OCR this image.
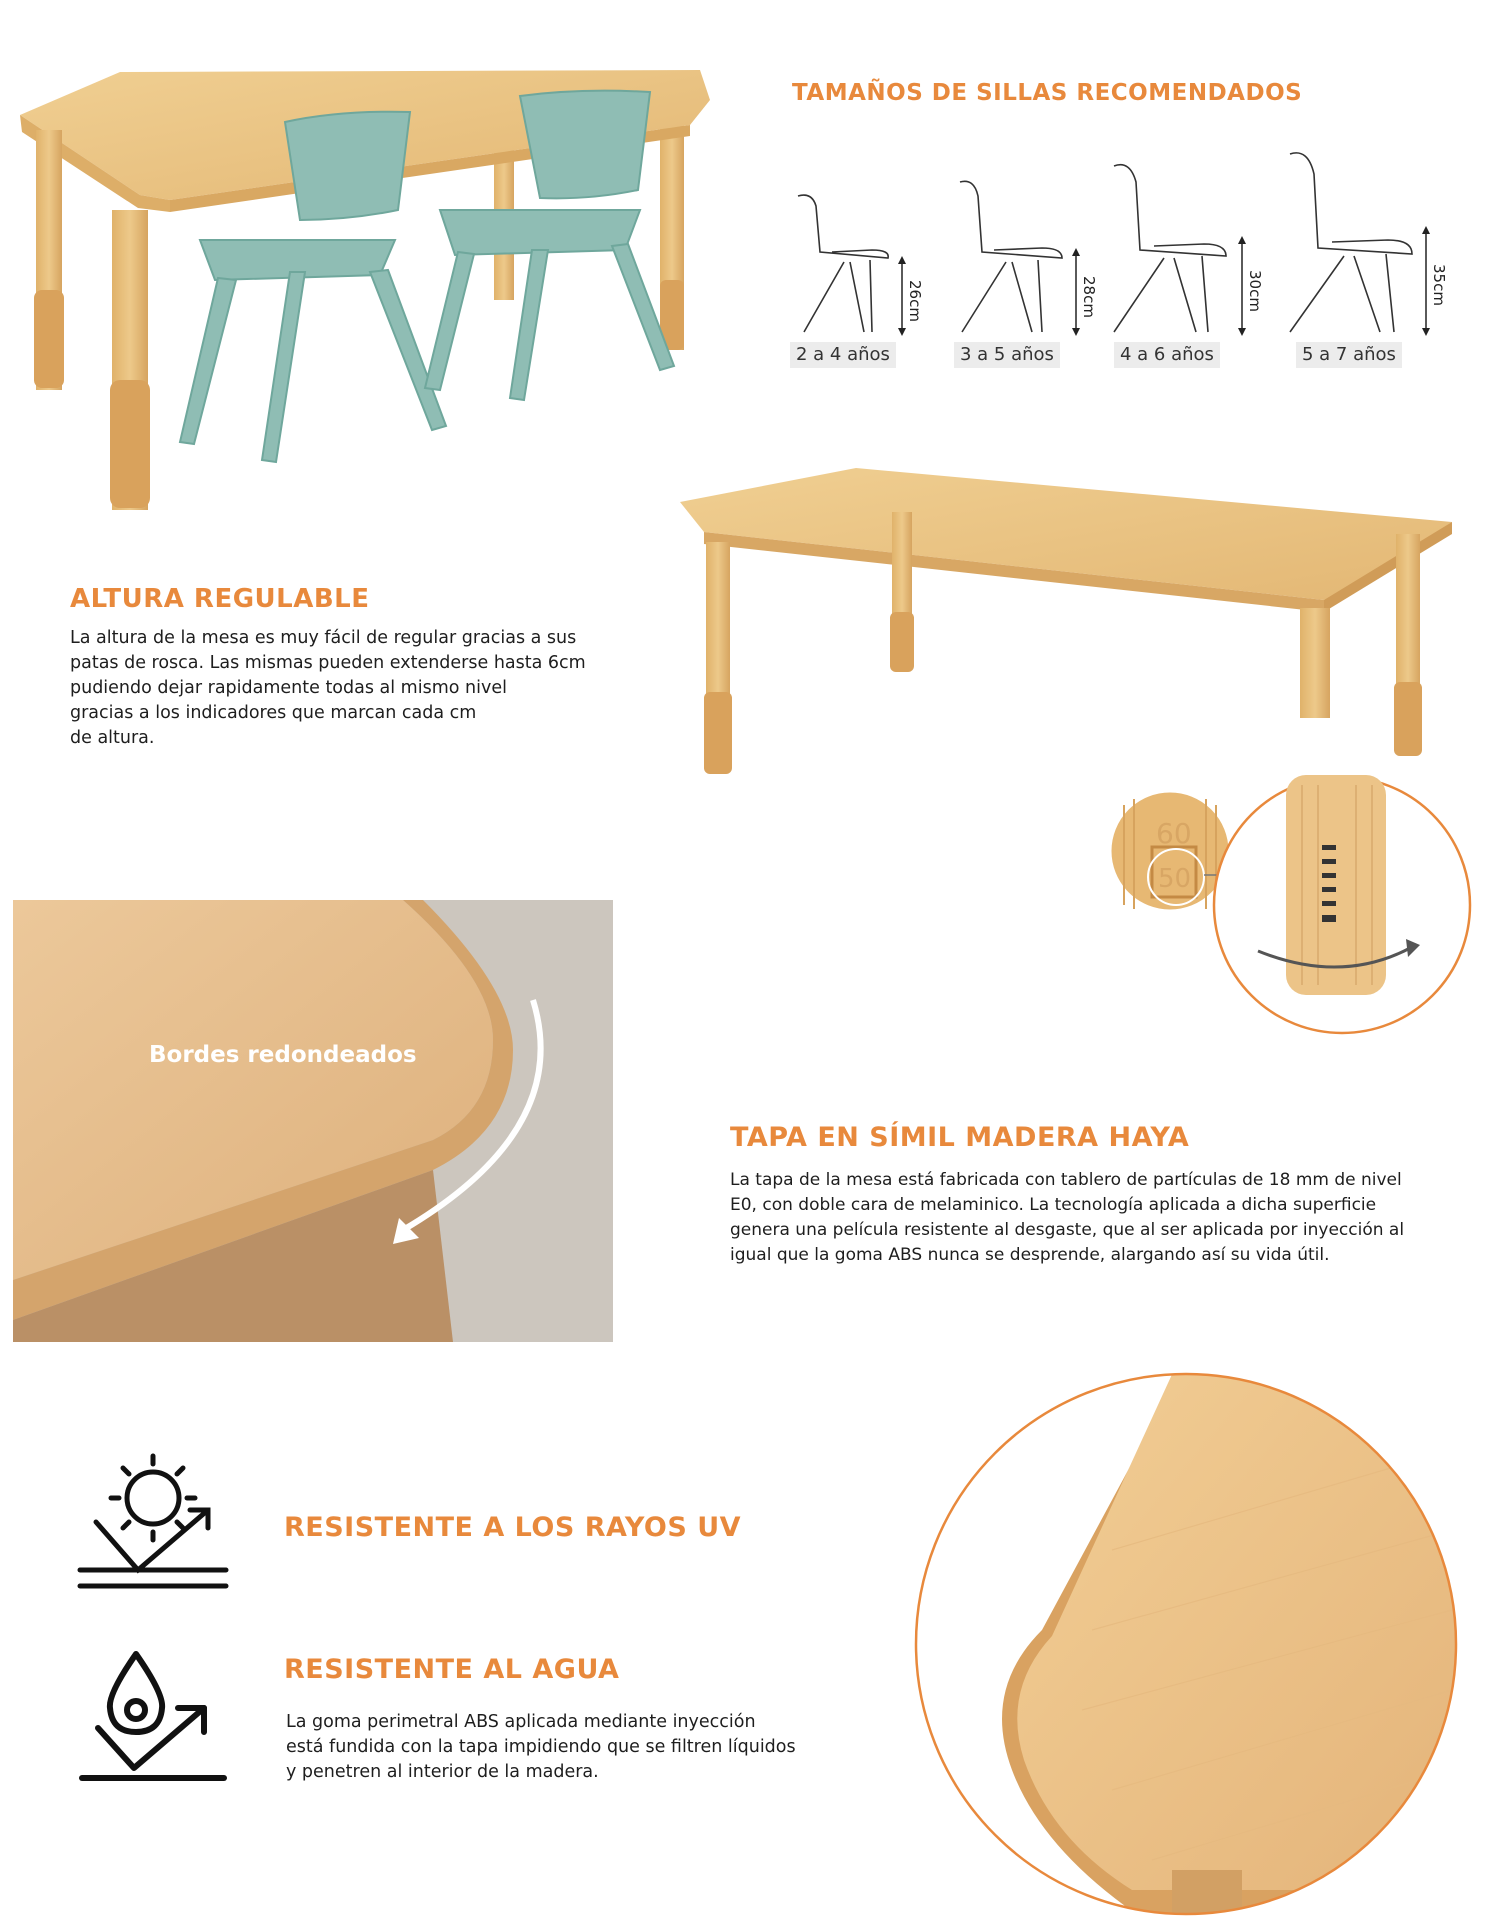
TAMAÑOS DE SILLAS RECOMENDADOS
26cm	28cm	30cm	35cm
2 a 4 años	3 a 5 años	4 a 6 años	5 a 7 años
ALTURA REGULABLE
La altura de la mesa es muy fácil de regular gracias a sus
patas de rosca. Las mismas pueden extenderse hasta 6cm
pudiendo dejar rapidamente todas al mismo nivel
gracias a los indicadores que marcan cada cm
de altura.
60
50
Bordes redondeados
TAPA EN SÍMIL MADERA HAYA
La tapa de la mesa está fabricada con tablero de partículas de 18 mm de nivel
E0, con doble cara de melaminico. La tecnología aplicada a dicha superficie
genera una película resistente al desgaste, que al ser aplicada por inyección al
igual que la goma ABS nunca se desprende, alargando así su vida útil.
RESISTENTE A LOS RAYOS UV
RESISTENTE AL AGUA
La goma perimetral ABS aplicada mediante inyección
está fundida con la tapa impidiendo que se filtren líquidos
y penetren al interior de la madera.
